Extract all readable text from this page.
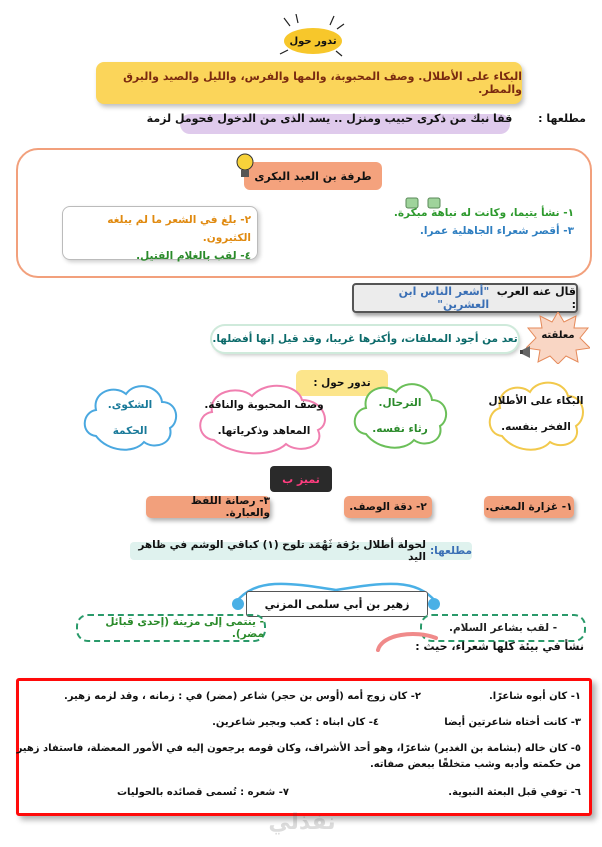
تدور حول
البكاء على الأطلال. وصف المحبوبة، والمها والفرس، والليل والصيد والبرق والمطر.
مطلعها : قفا نبك من ذكرى حبيب ومنزل .. يسد الذى من الدخول فحومل لزمة
طرفة بن العبد البكرى
١- نشأ يتيما، وكانت له نباهة مبكرة.
٣- أقصر شعراء الجاهلية عمرا.
٢- بلغ في الشعر ما لم يبلغه الكثيرون.
٤- لقب بالغلام القتيل.
قال عنه العرب :
"أشعر الناس ابن العشرين"
معلقته
تعد من أجود المعلقات، وأكثرها غريبا، وقد قيل إنها أفضلها.
تدور حول :
البكاء على الأطلال
الفخر بنفسه.
الترحال.
رثاء نفسه.
وصف المحبوبة والناقة.
المعاهد وذكرياتها.
الشكوى.
الحكمة
تميز ب
١- غزارة المعنى.
٢- دقة الوصف.
٣- رصانة اللفظ والعبارة.
مطلعها:
لحولة أطلال برُقة ثَهْمَد تلوح (١) كباقي الوشم في ظاهر اليد
زهير بن أبي سلمى المزني
- لقب بشاعر السلام.
- ينتمى إلى مزينة (إحدى قبائل مضر).
نشأ في بيئة كلها شعراء، حيث :
١- كان أبوه شاعرًا.
٢- كان زوج أمه (أوس بن حجر) شاعر (مضر) في : زمانه ، وقد لزمه زهير.
٣- كانت أختاه شاعرتين أيضا
٤- كان ابناه : كعب وبجير شاعرين.
٥- كان خاله (بشامة بن الغدير) شاعرًا، وهو أحد الأشراف، وكان قومه يرجعون إليه في الأمور المعضلة، فاستفاد زهير
من حكمته وأدبه وشب متخلقًا ببعض صفاته.
٦- توفي قبل البعثة النبوية.
٧- شعره : تُسمى قصائده بالحوليات
نفذلي
